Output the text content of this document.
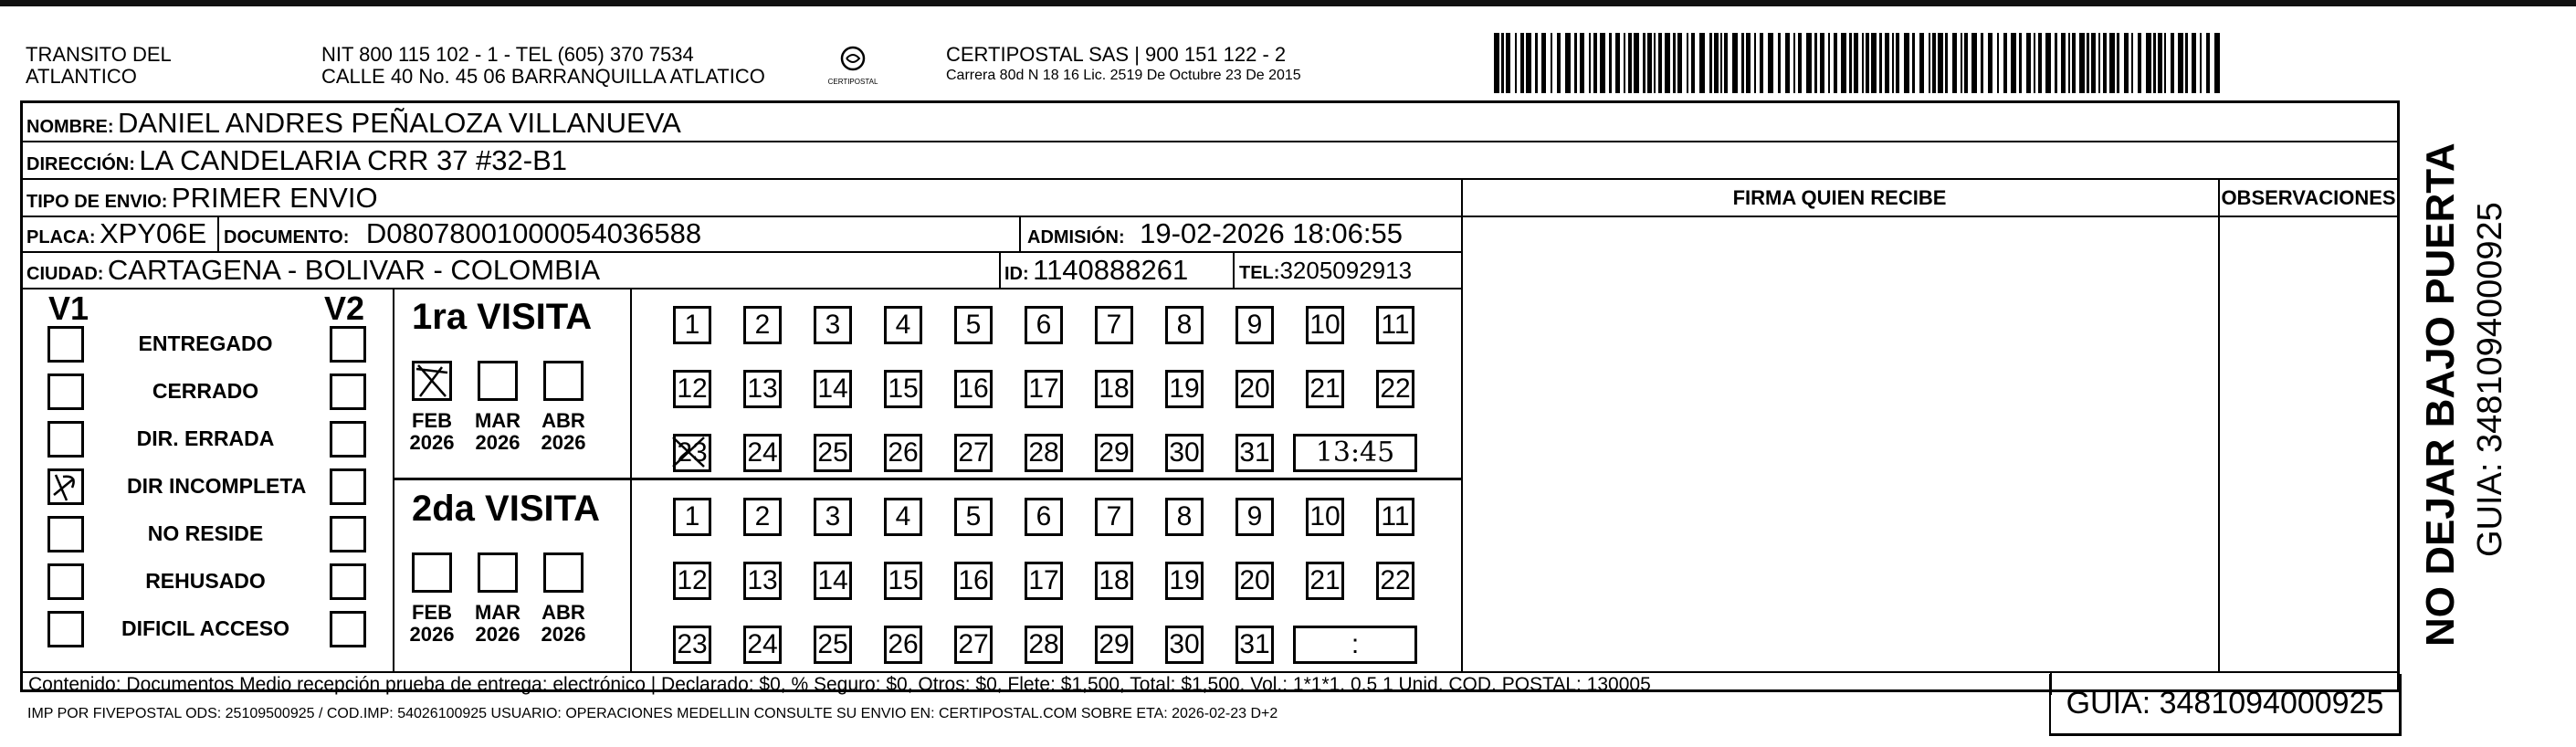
TRANSITO DEL
ATLANTICO
NIT 800 115 102 - 1 - TEL (605) 370 7534
CALLE 40 No. 45 06 BARRANQUILLA ATLATICO	CERTIPOSTAL
CERTIPOSTAL SAS | 900 151 122 - 2
Carrera 80d N 18 16 Lic. 2519 De Octubre 23 De 2015
NOMBRE: DANIEL ANDRES PEÑALOZA VILLANUEVA
DIRECCIÓN: LA CANDELARIA CRR 37 #32-B1
TIPO DE ENVIO: PRIMER ENVIO	FIRMA QUIEN RECIBE	OBSERVACIONES
PLACA: XPY06E DOCUMENTO: D08078001000054036588	ADMISIÓN: 19-02-2026 18:06:55
CIUDAD: CARTAGENA - BOLIVAR - COLOMBIA	ID: 1140888261	TEL:3205092913
V1	V2
ENTREGADO
CERRADO
DIR. ERRADA
DIR INCOMPLETA
NO RESIDE
REHUSADO
DIFICIL ACCESO
1ra VISITA
FEB
2026
MAR
2026
ABR
2026
1	2	3	4	5	6	7	8	9	10 11
12 13 14 15 16 17 18 19 20 21 22
23 24 25 26 27 28 29 30 31	13:45
2da VISITA
FEB
2026
MAR
2026
ABR
2026
1	2	3	4	5	6	7	8	9	10 11
12 13 14 15 16 17 18 19 20 21 22
23 24 25 26 27 28 29 30 31	:
Contenido: Documentos Medio recepción prueba de entrega: electrónico | Declarado: $0, % Seguro: $0, Otros: $0, Flete: $1,500, Total: $1,500. Vol.: 1*1*1. 0.5 1 Unid. COD. POSTAL: 130005
IMP POR FIVEPOSTAL ODS: 25109500925 / COD.IMP: 54026100925 USUARIO: OPERACIONES MEDELLIN CONSULTE SU ENVIO EN: CERTIPOSTAL.COM SOBRE ETA: 2026-02-23 D+2	GUIA: 3481094000925
NO DEJAR BAJO PUERTA GUIA: 3481094000925
